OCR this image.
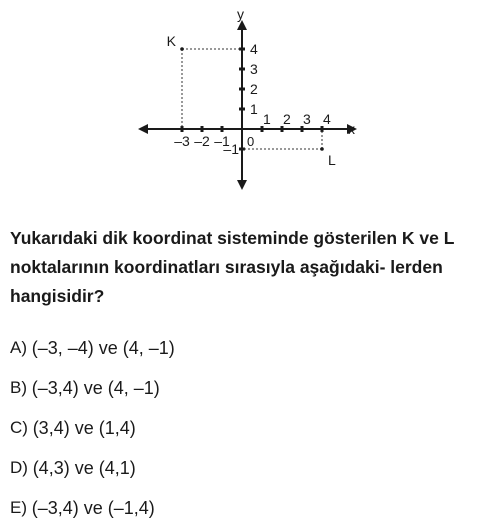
x
y
0
–3 –2 –1
1 2 3 4
1
2
3
4
–1
K
L

Yukarıdaki dik koordinat sisteminde gösterilen K ve L noktalarının koordinatları sırasıyla aşağıdaki- lerden hangisidir?

A)
(–3, –4) ve (4, –1)
B)
(–3,4) ve (4, –1)
C)
(3,4) ve (1,4)
D)
(4,3) ve (4,1)
E)
(–3,4) ve (–1,4)
